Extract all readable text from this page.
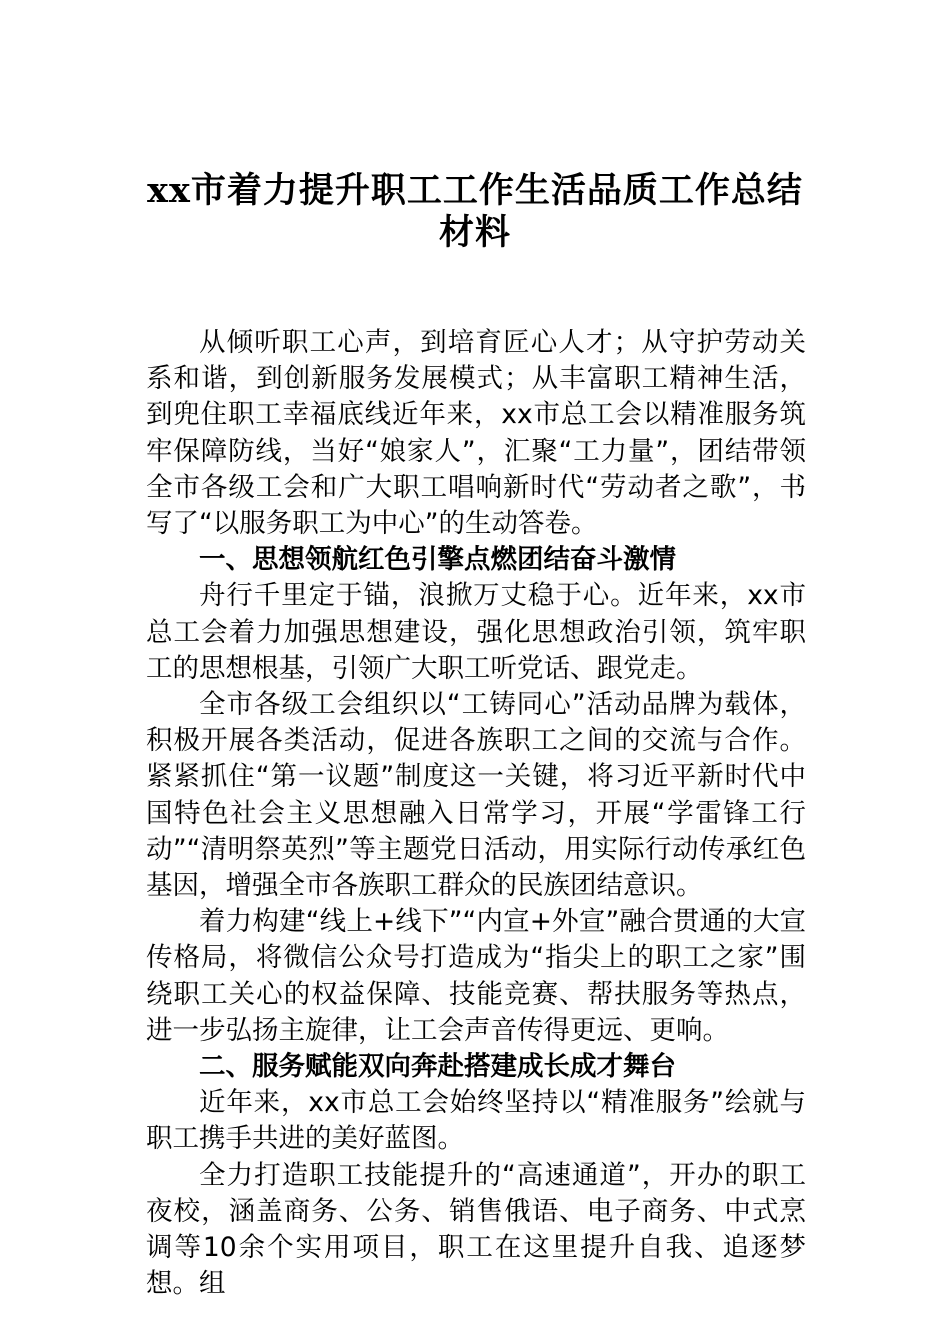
xx市着力提升职工工作生活品质工作总结
材料

从倾听职工心声，到培育匠心人才；从守护劳动关系和谐，到创新服务发展模式；从丰富职工精神生活，到兜住职工幸福底线近年来，xx市总工会以精准服务筑牢保障防线，当好“娘家人”，汇聚“工力量”，团结带领全市各级工会和广大职工唱响新时代“劳动者之歌”，书写了“以服务职工为中心”的生动答卷。

一、思想领航红色引擎点燃团结奋斗激情

舟行千里定于锚，浪掀万丈稳于心。近年来，xx市总工会着力加强思想建设，强化思想政治引领，筑牢职工的思想根基，引领广大职工听党话、跟党走。

全市各级工会组织以“工铸同心”活动品牌为载体，积极开展各类活动，促进各族职工之间的交流与合作。紧紧抓住“第一议题”制度这一关键，将习近平新时代中国特色社会主义思想融入日常学习，开展“学雷锋工行动”“清明祭英烈”等主题党日活动，用实际行动传承红色基因，增强全市各族职工群众的民族团结意识。

着力构建“线上+线下”“内宣+外宣”融合贯通的大宣传格局，将微信公众号打造成为“指尖上的职工之家”围绕职工关心的权益保障、技能竞赛、帮扶服务等热点，进一步弘扬主旋律，让工会声音传得更远、更响。

二、服务赋能双向奔赴搭建成长成才舞台

近年来，xx市总工会始终坚持以“精准服务”绘就与职工携手共进的美好蓝图。

全力打造职工技能提升的“高速通道”，开办的职工夜校，涵盖商务、公务、销售俄语、电子商务、中式烹调等10余个实用项目，职工在这里提升自我、追逐梦想。组
